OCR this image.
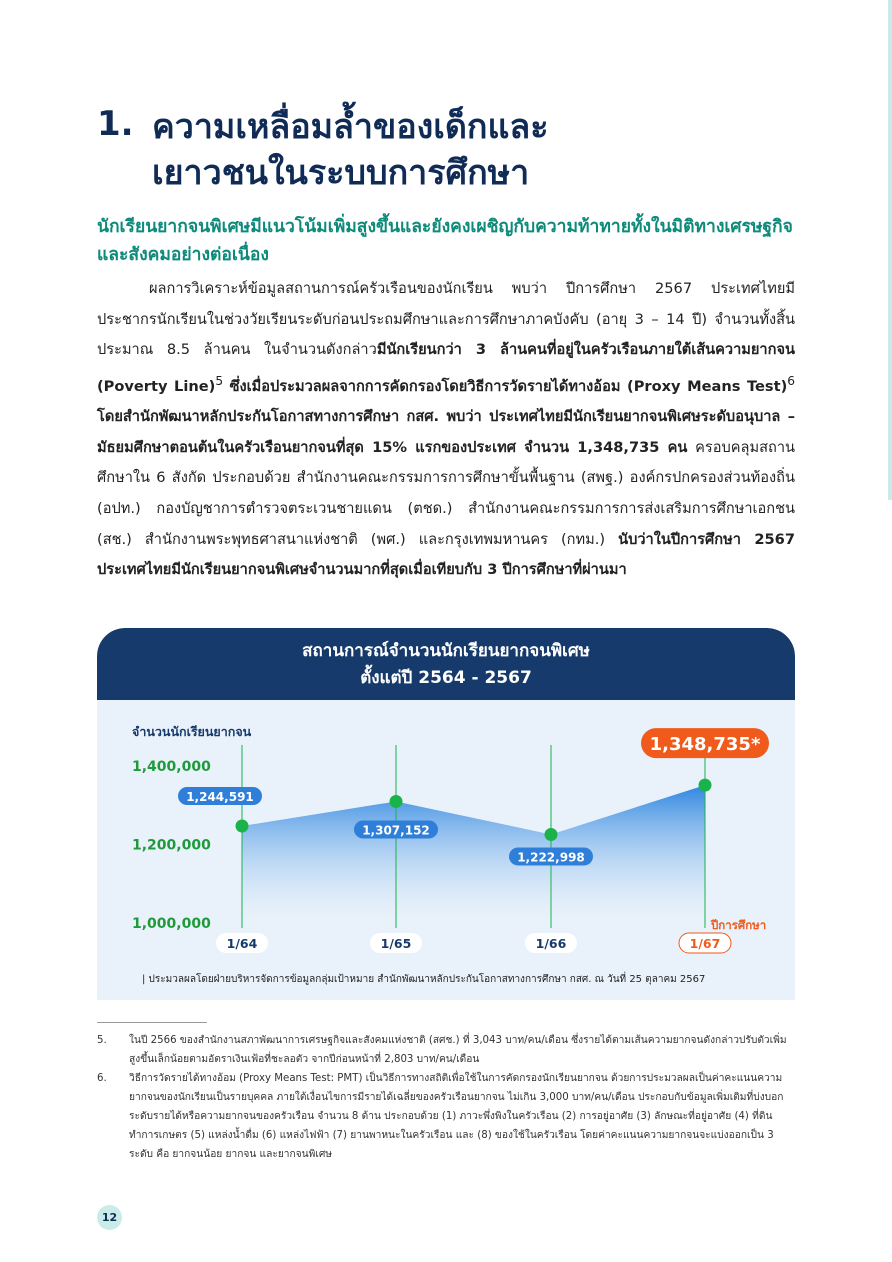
1. ความเหลื่อมล้ำของเด็กและ
เยาวชนในระบบการศึกษา
นักเรียนยากจนพิเศษมีแนวโน้มเพิ่มสูงขึ้นและยังคงเผชิญกับความท้าทายทั้งในมิติทางเศรษฐกิจและสังคมอย่างต่อเนื่อง
ผลการวิเคราะห์ข้อมูลสถานการณ์ครัวเรือนของนักเรียน พบว่า ปีการศึกษา 2567 ประเทศไทยมีประชากรนักเรียนในช่วงวัยเรียนระดับก่อนประถมศึกษาและการศึกษาภาคบังคับ (อายุ 3 – 14 ปี) จำนวนทั้งสิ้นประมาณ 8.5 ล้านคน ในจำนวนดังกล่าวมีนักเรียนกว่า 3 ล้านคนที่อยู่ในครัวเรือนภายใต้เส้นความยากจน (Poverty Line)$^5$ ซึ่งเมื่อประมวลผลจากการคัดกรองโดยวิธีการวัดรายได้ทางอ้อม (Proxy Means Test)$^6$ โดยสำนักพัฒนาหลักประกันโอกาสทางการศึกษา กสศ. พบว่า ประเทศไทยมีนักเรียนยากจนพิเศษระดับอนุบาล – มัธยมศึกษาตอนต้นในครัวเรือนยากจนที่สุด 15% แรกของประเทศ จำนวน 1,348,735 คน ครอบคลุมสถานศึกษาใน 6 สังกัด ประกอบด้วย สำนักงานคณะกรรมการการศึกษาขั้นพื้นฐาน (สพฐ.) องค์กรปกครองส่วนท้องถิ่น (อปท.) กองบัญชาการตำรวจตระเวนชายแดน (ตชด.) สำนักงานคณะกรรมการการส่งเสริมการศึกษาเอกชน (สช.) สำนักงานพระพุทธศาสนาแห่งชาติ (พศ.) และกรุงเทพมหานคร (กทม.) นับว่าในปีการศึกษา 2567 ประเทศไทยมีนักเรียนยากจนพิเศษจำนวนมากที่สุดเมื่อเทียบกับ 3 ปีการศึกษาที่ผ่านมา
สถานการณ์จำนวนนักเรียนยากจนพิเศษ
ตั้งแต่ปี 2564 - 2567
จำนวนนักเรียนยากจน
1,000,000
1,200,000
1,400,000
ปีการศึกษา
1/64	1/65	1/66	1/67
1,244,591
1,307,152
1,222,998
1,348,735*
| ประมวลผลโดยฝ่ายบริหารจัดการข้อมูลกลุ่มเป้าหมาย สำนักพัฒนาหลักประกันโอกาสทางการศึกษา กสศ. ณ วันที่ 25 ตุลาคม 2567
5.	ในปี 2566 ของสำนักงานสภาพัฒนาการเศรษฐกิจและสังคมแห่งชาติ (สศช.) ที่ 3,043 บาท/คน/เดือน ซึ่งรายได้ตามเส้นความยากจนดังกล่าวปรับตัวเพิ่มสูงขึ้นเล็กน้อยตามอัตราเงินเฟ้อที่ชะลอตัว จากปีก่อนหน้าที่ 2,803 บาท/คน/เดือน
6.	วิธีการวัดรายได้ทางอ้อม (Proxy Means Test: PMT) เป็นวิธีการทางสถิติเพื่อใช้ในการคัดกรองนักเรียนยากจน ด้วยการประมวลผลเป็นค่าคะแนนความยากจนของนักเรียนเป็นรายบุคคล ภายใต้เงื่อนไขการมีรายได้เฉลี่ยของครัวเรือนยากจน ไม่เกิน 3,000 บาท/คน/เดือน ประกอบกับข้อมูลเพิ่มเติมที่บ่งบอกระดับรายได้หรือความยากจนของครัวเรือน จำนวน 8 ด้าน ประกอบด้วย (1) ภาวะพึ่งพิงในครัวเรือน (2) การอยู่อาศัย (3) ลักษณะที่อยู่อาศัย (4) ที่ดินทำการเกษตร (5) แหล่งน้ำดื่ม (6) แหล่งไฟฟ้า (7) ยานพาหนะในครัวเรือน และ (8) ของใช้ในครัวเรือน โดยค่าคะแนนความยากจนจะแบ่งออกเป็น 3 ระดับ คือ ยากจนน้อย ยากจน และยากจนพิเศษ
12
